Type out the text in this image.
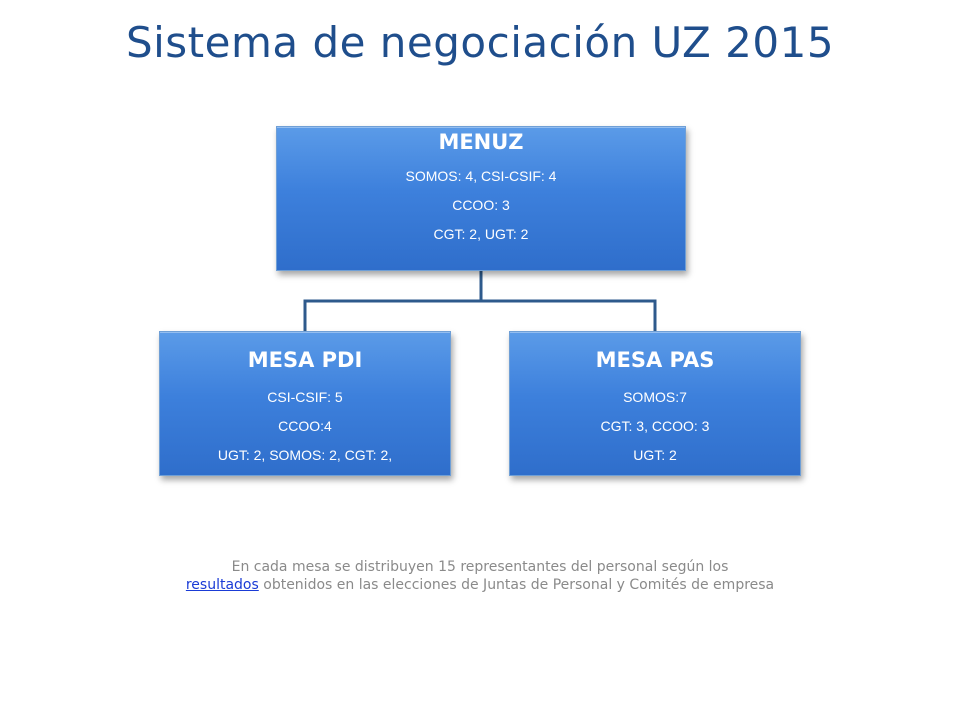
Sistema de negociación UZ 2015
MENUZ
SOMOS: 4, CSI-CSIF: 4
CCOO: 3
CGT: 2, UGT: 2
MESA PDI
CSI-CSIF: 5
CCOO:4
UGT: 2, SOMOS: 2, CGT: 2,
MESA PAS
SOMOS:7
CGT: 3, CCOO: 3
UGT: 2
En cada mesa se distribuyen 15 representantes del personal según los
resultados obtenidos en las elecciones de Juntas de Personal y Comités de empresa
